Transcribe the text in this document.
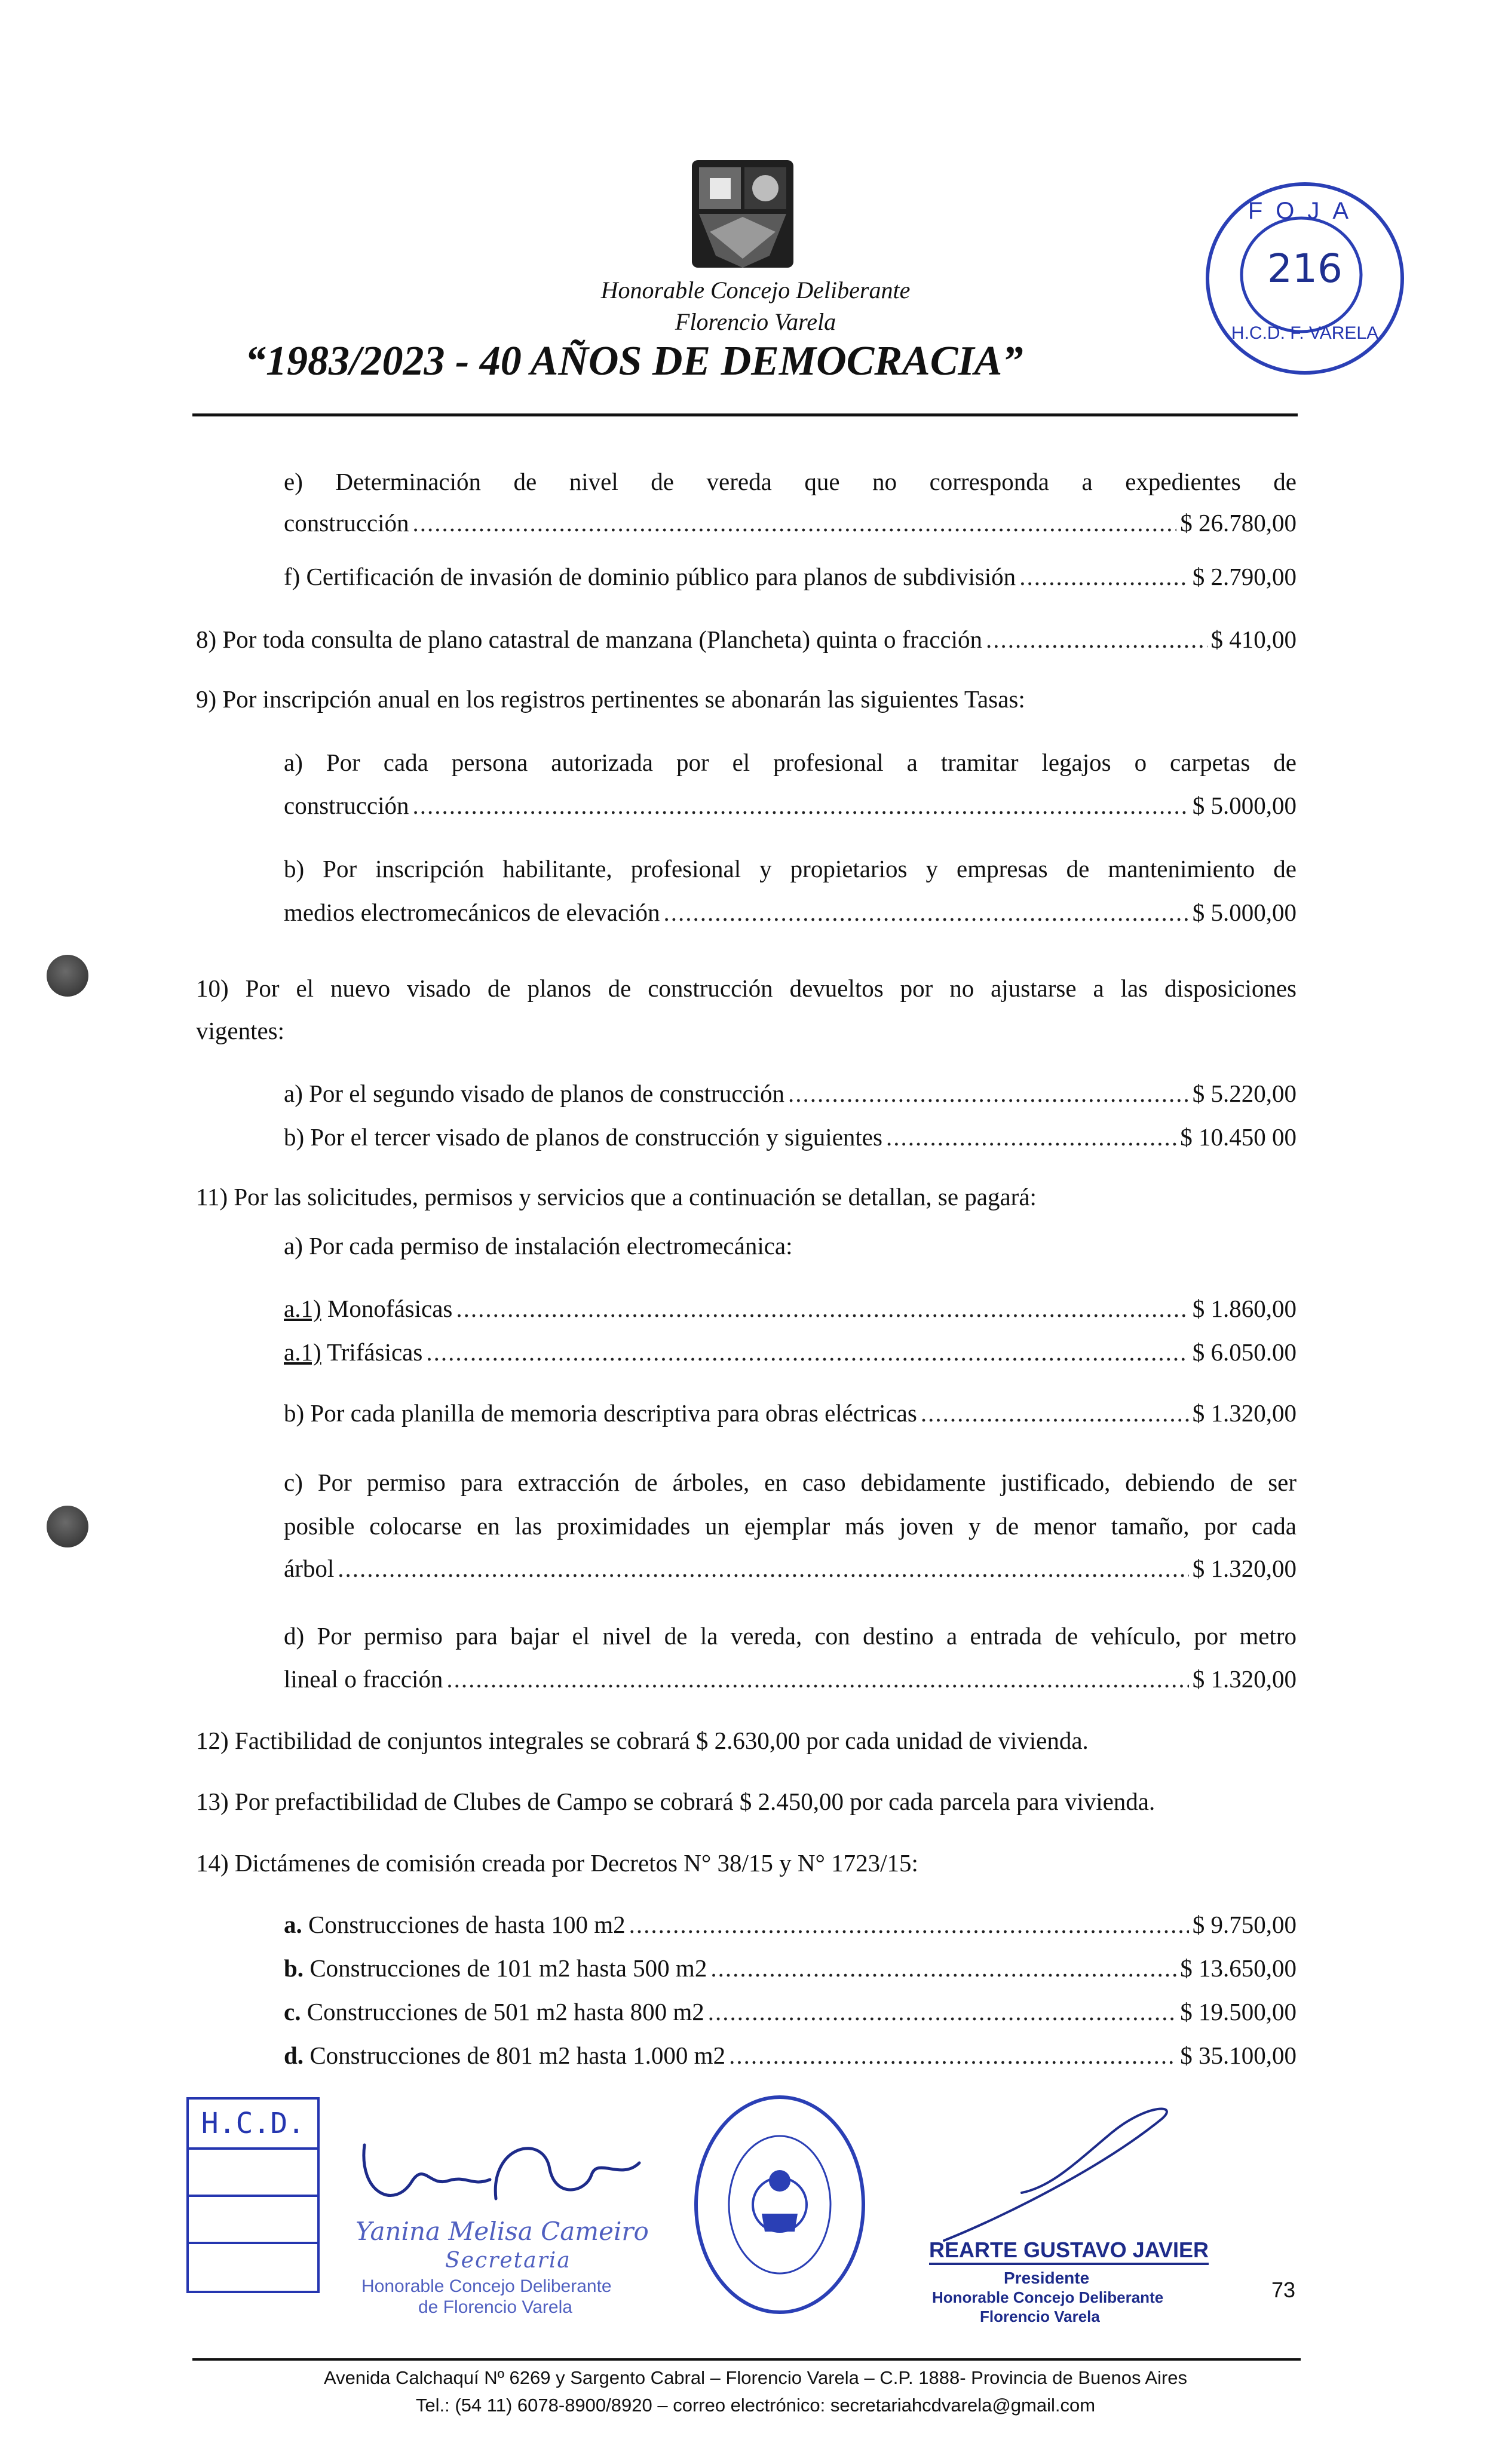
Honorable Concejo Deliberante
Florencio Varela
“1983/2023 - 40 AÑOS DE DEMOCRACIA”
FOJA
216
H.C.D. F. VARELA
e) Determinación de nivel de vereda que no corresponda a expedientes de
construcción .....	$ 26.780,00
f) Certificación de invasión de dominio público para planos de subdivisión .....	$ 2.790,00
8) Por toda consulta de plano catastral de manzana (Plancheta) quinta o fracción .....	$ 410,00
9) Por inscripción anual en los registros pertinentes se abonarán las siguientes Tasas:
a) Por cada persona autorizada por el profesional a tramitar legajos o carpetas de
construcción .....	$ 5.000,00
b) Por inscripción habilitante, profesional y propietarios y empresas de mantenimiento de
medios electromecánicos de elevación .....	$ 5.000,00
10) Por el nuevo visado de planos de construcción devueltos por no ajustarse a las disposiciones
vigentes:
a) Por el segundo visado de planos de construcción .....	$ 5.220,00
b) Por el tercer visado de planos de construcción y siguientes .....	$ 10.450 00
11) Por las solicitudes, permisos y servicios que a continuación se detallan, se pagará:
a) Por cada permiso de instalación electromecánica:
a.1) Monofásicas .....	$ 1.860,00
a.1) Trifásicas .....	$ 6.050.00
b) Por cada planilla de memoria descriptiva para obras eléctricas .....	$ 1.320,00
c) Por permiso para extracción de árboles, en caso debidamente justificado, debiendo de ser
posible colocarse en las proximidades un ejemplar más joven y de menor tamaño, por cada
árbol .....	$ 1.320,00
d) Por permiso para bajar el nivel de la vereda, con destino a entrada de vehículo, por metro
lineal o fracción .....	$ 1.320,00
12) Factibilidad de conjuntos integrales se cobrará $ 2.630,00 por cada unidad de vivienda.
13) Por prefactibilidad de Clubes de Campo se cobrará $ 2.450,00 por cada parcela para vivienda.
14) Dictámenes de comisión creada por Decretos N° 38/15 y N° 1723/15:
a. Construcciones de hasta 100 m2 .....	$ 9.750,00
b. Construcciones de 101 m2 hasta 500 m2 .....	$ 13.650,00
c. Construcciones de 501 m2 hasta 800 m2 .....	$ 19.500,00
d. Construcciones de 801 m2 hasta 1.000 m2 .....	$ 35.100,00
H.C.D.
Yanina Melisa Cameiro
Secretaria
Honorable Concejo Deliberante
de Florencio Varela
REARTE GUSTAVO JAVIER
Presidente
Honorable Concejo Deliberante
Florencio Varela
73
Avenida Calchaquí Nº 6269 y Sargento Cabral – Florencio Varela – C.P. 1888- Provincia de Buenos Aires
Tel.: (54 11) 6078-8900/8920 – correo electrónico: secretariahcdvarela@gmail.com
